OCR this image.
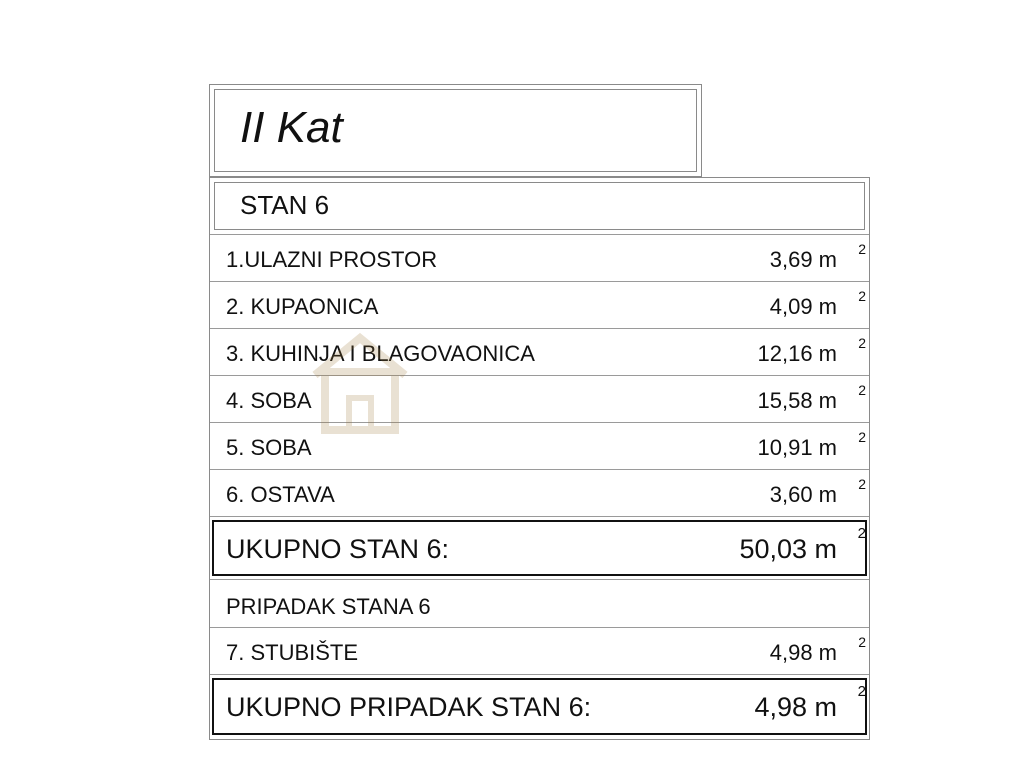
II Kat
STAN 6
1.ULAZNI PROSTOR	3,69 m 2
2. KUPAONICA	4,09 m 2
3. KUHINJA I BLAGOVAONICA	12,16 m 2
4. SOBA	15,58 m 2
5. SOBA	10,91 m 2
6. OSTAVA	3,60 m 2
UKUPNO STAN 6:	50,03 m
2
PRIPADAK STANA 6
7. STUBIŠTE	4,98 m 2
UKUPNO PRIPADAK STAN 6:	4,98 m
2
